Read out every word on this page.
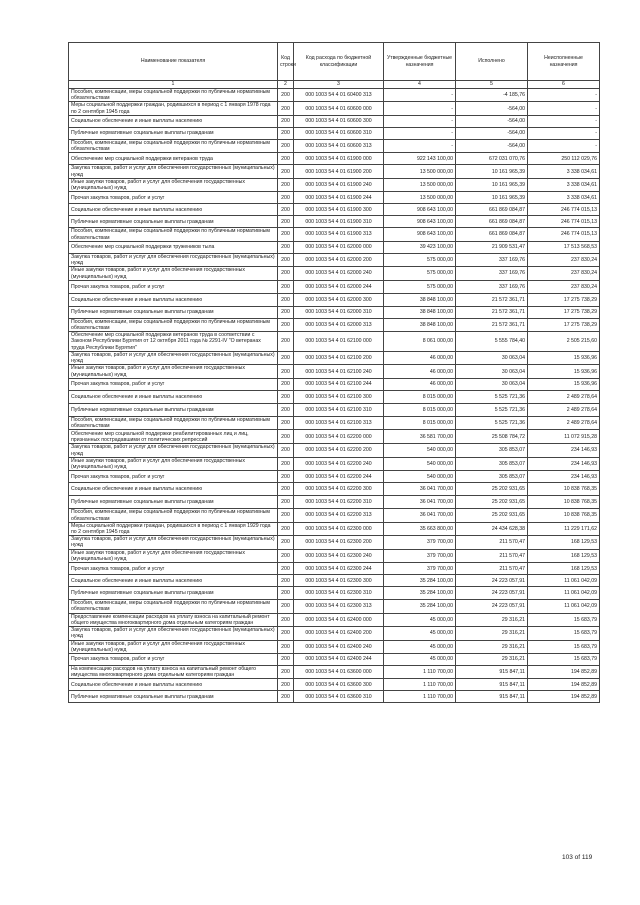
Наименование показателя	Код строки	Код расхода по бюджетной классификации	Утвержденные бюджетные назначения	Исполнено	Неисполненные назначения
1	2	3	4	5	6
Пособия, компенсации, меры социальной поддержки по публичным нормативным обязательствам	200	000 1003 54 4 01 60400 313	-	-4 185,76	-
Меры социальной поддержки граждан, родившихся в период с 1 января 1978 года по 2 сентября 1945 года	200	000 1003 54 4 01 60600 000	-	-564,00	-
Социальное обеспечение и иные выплаты населению	200	000 1003 54 4 01 60600 300	-	-564,00	-
Публичные нормативные социальные выплаты гражданам	200	000 1003 54 4 01 60600 310	-	-564,00	-
Пособия, компенсации, меры социальной поддержки по публичным нормативным обязательствам	200	000 1003 54 4 01 60600 313	-	-564,00	-
Обеспечение мер социальной поддержки ветеранов труда	200	000 1003 54 4 01 61900 000	922 143 100,00	672 031 070,76	250 112 029,76
Закупка товаров, работ и услуг для обеспечения государственных (муниципальных) нужд	200	000 1003 54 4 01 61900 200	13 500 000,00	10 161 965,39	3 338 034,61
Иные закупки товаров, работ и услуг для обеспечения государственных (муниципальных) нужд	200	000 1003 54 4 01 61900 240	13 500 000,00	10 161 965,39	3 338 034,61
Прочая закупка товаров, работ и услуг	200	000 1003 54 4 01 61900 244	13 500 000,00	10 161 965,39	3 338 034,61
Социальное обеспечение и иные выплаты населению	200	000 1003 54 4 01 61900 300	908 643 100,00	661 869 084,87	246 774 015,13
Публичные нормативные социальные выплаты гражданам	200	000 1003 54 4 01 61900 310	908 643 100,00	661 869 084,87	246 774 015,13
Пособия, компенсации, меры социальной поддержки по публичным нормативным обязательствам	200	000 1003 54 4 01 61900 313	908 643 100,00	661 869 084,87	246 774 015,13
Обеспечение мер социальной поддержки тружеников тыла	200	000 1003 54 4 01 62000 000	39 423 100,00	21 909 531,47	17 513 568,53
Закупка товаров, работ и услуг для обеспечения государственных (муниципальных) нужд	200	000 1003 54 4 01 62000 200	575 000,00	337 169,76	237 830,24
Иные закупки товаров, работ и услуг для обеспечения государственных (муниципальных) нужд	200	000 1003 54 4 01 62000 240	575 000,00	337 169,76	237 830,24
Прочая закупка товаров, работ и услуг	200	000 1003 54 4 01 62000 244	575 000,00	337 169,76	237 830,24
Социальное обеспечение и иные выплаты населению	200	000 1003 54 4 01 62000 300	38 848 100,00	21 572 361,71	17 275 738,29
Публичные нормативные социальные выплаты гражданам	200	000 1003 54 4 01 62000 310	38 848 100,00	21 572 361,71	17 275 738,29
Пособия, компенсации, меры социальной поддержки по публичным нормативным обязательствам	200	000 1003 54 4 01 62000 313	38 848 100,00	21 572 361,71	17 275 738,29
Обеспечение мер социальной поддержки ветеранов труда в соответствии с Законом Республики Бурятия от 12 октября 2011 года № 2291-IV "О ветеранах труда Республики Бурятия"	200	000 1003 54 4 01 62100 000	8 061 000,00	5 555 784,40	2 505 215,60
Закупка товаров, работ и услуг для обеспечения государственных (муниципальных) нужд	200	000 1003 54 4 01 62100 200	46 000,00	30 063,04	15 936,96
Иные закупки товаров, работ и услуг для обеспечения государственных (муниципальных) нужд	200	000 1003 54 4 01 62100 240	46 000,00	30 063,04	15 936,96
Прочая закупка товаров, работ и услуг	200	000 1003 54 4 01 62100 244	46 000,00	30 063,04	15 936,96
Социальное обеспечение и иные выплаты населению	200	000 1003 54 4 01 62100 300	8 015 000,00	5 525 721,36	2 489 278,64
Публичные нормативные социальные выплаты гражданам	200	000 1003 54 4 01 62100 310	8 015 000,00	5 525 721,36	2 489 278,64
Пособия, компенсации, меры социальной поддержки по публичным нормативным обязательствам	200	000 1003 54 4 01 62100 313	8 015 000,00	5 525 721,36	2 489 278,64
Обеспечение мер социальной поддержки реабилитированных лиц и лиц, признанных пострадавшими от политических репрессий	200	000 1003 54 4 01 62200 000	36 581 700,00	25 508 784,72	11 072 915,28
Закупка товаров, работ и услуг для обеспечения государственных (муниципальных) нужд	200	000 1003 54 4 01 62200 200	540 000,00	305 853,07	234 146,93
Иные закупки товаров, работ и услуг для обеспечения государственных (муниципальных) нужд	200	000 1003 54 4 01 62200 240	540 000,00	305 853,07	234 146,93
Прочая закупка товаров, работ и услуг	200	000 1003 54 4 01 62200 244	540 000,00	305 853,07	234 146,93
Социальное обеспечение и иные выплаты населению	200	000 1003 54 4 01 62200 300	36 041 700,00	25 202 931,65	10 838 768,35
Публичные нормативные социальные выплаты гражданам	200	000 1003 54 4 01 62200 310	36 041 700,00	25 202 931,65	10 838 768,35
Пособия, компенсации, меры социальной поддержки по публичным нормативным обязательствам	200	000 1003 54 4 01 62200 313	36 041 700,00	25 202 931,65	10 838 768,35
Меры социальной поддержки граждан, родившихся в период с 1 января 1929 года по 2 сентября 1945 года	200	000 1003 54 4 01 62300 000	35 663 800,00	24 434 628,38	11 229 171,62
Закупка товаров, работ и услуг для обеспечения государственных (муниципальных) нужд	200	000 1003 54 4 01 62300 200	379 700,00	211 570,47	168 129,53
Иные закупки товаров, работ и услуг для обеспечения государственных (муниципальных) нужд	200	000 1003 54 4 01 62300 240	379 700,00	211 570,47	168 129,53
Прочая закупка товаров, работ и услуг	200	000 1003 54 4 01 62300 244	379 700,00	211 570,47	168 129,53
Социальное обеспечение и иные выплаты населению	200	000 1003 54 4 01 62300 300	35 284 100,00	24 223 057,91	11 061 042,09
Публичные нормативные социальные выплаты гражданам	200	000 1003 54 4 01 62300 310	35 284 100,00	24 223 057,91	11 061 042,09
Пособия, компенсации, меры социальной поддержки по публичным нормативным обязательствам	200	000 1003 54 4 01 62300 313	35 284 100,00	24 223 057,91	11 061 042,09
Предоставление компенсации расходов на уплату взноса на капитальный ремонт общего имущества многоквартирного дома отдельным категориям граждан	200	000 1003 54 4 01 62400 000	45 000,00	29 316,21	15 683,79
Закупка товаров, работ и услуг для обеспечения государственных (муниципальных) нужд	200	000 1003 54 4 01 62400 200	45 000,00	29 316,21	15 683,79
Иные закупки товаров, работ и услуг для обеспечения государственных (муниципальных) нужд	200	000 1003 54 4 01 62400 240	45 000,00	29 316,21	15 683,79
Прочая закупка товаров, работ и услуг	200	000 1003 54 4 01 62400 244	45 000,00	29 316,21	15 683,79
На компенсацию расходов на уплату взноса на капитальный ремонт общего имущества многоквартирного дома отдельным категориям граждан	200	000 1003 54 4 01 63600 000	1 110 700,00	915 847,11	194 852,89
Социальное обеспечение и иные выплаты населению	200	000 1003 54 4 01 63600 300	1 110 700,00	915 847,11	194 852,89
Публичные нормативные социальные выплаты гражданам	200	000 1003 54 4 01 63600 310	1 110 700,00	915 847,11	194 852,89
103 of 119
